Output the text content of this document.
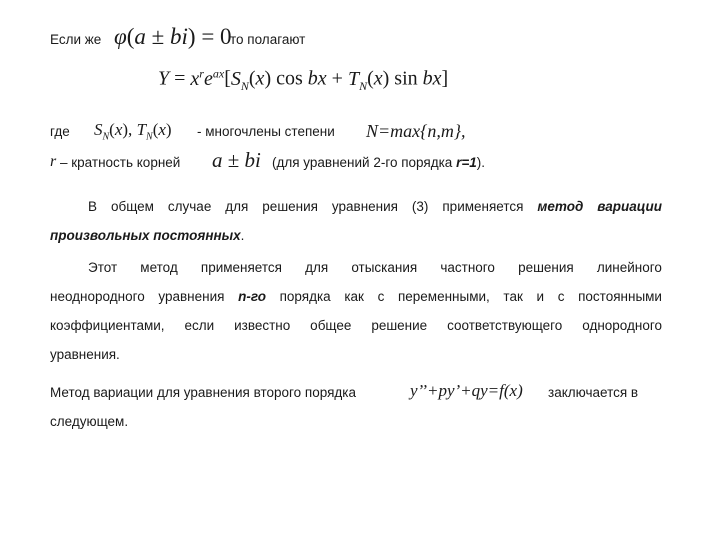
Если же φ(a ± bi) = 0
то полагают
$Y = x^re^{ax}[S_N(x)$ cos bx + $T_N(x)$ sin bx]
где $S_N(x)$, $T_N(x)$ - многочлены степени N=max{n,m},
r – кратность корней a ± bi (для уравнений 2-го порядка r=1).
В общем случае для решения уравнения (3) применяется метод вариации
произвольных постоянных.
Этот метод применяется для отыскания частного решения линейного
неоднородного уравнения n-го порядка как с переменными, так и с постоянными
коэффициентами, если известно общее решение соответствующего однородного
уравнения.
Метод вариации для уравнения второго порядка	y’’+py’+qy=f(x) заключается в
следующем.
